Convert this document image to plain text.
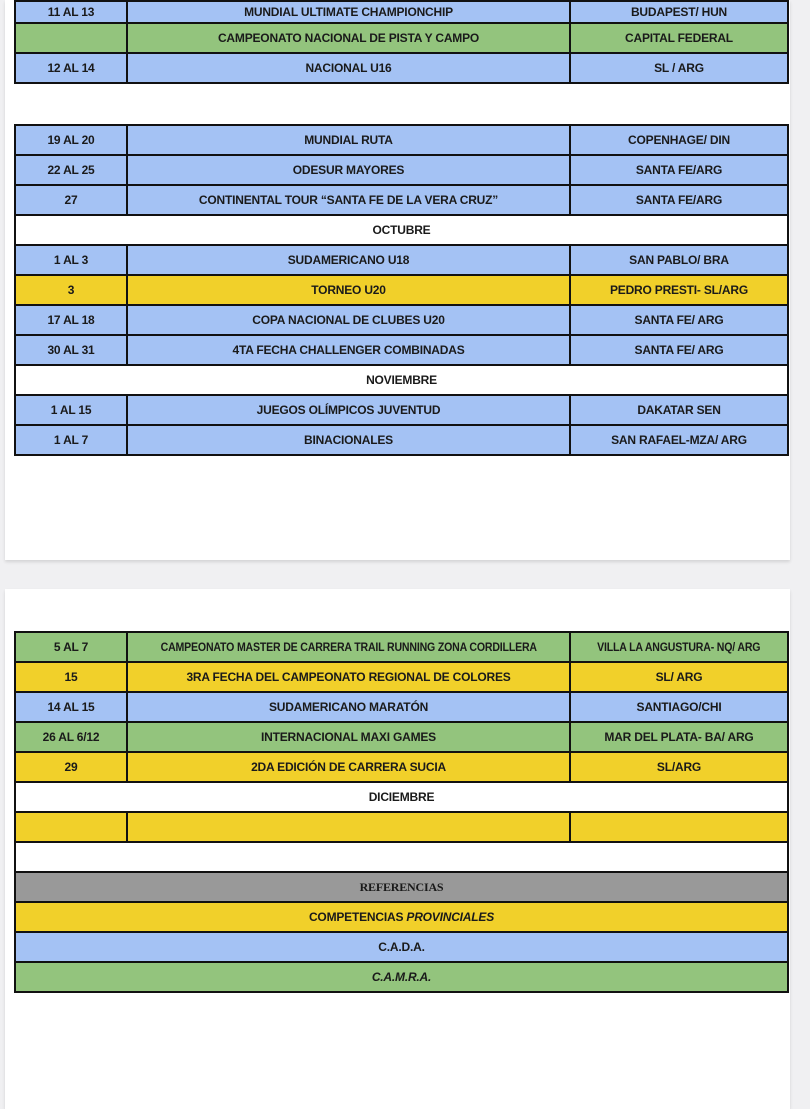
11 AL 13	MUNDIAL ULTIMATE CHAMPIONCHIP	BUDAPEST/ HUN
	CAMPEONATO NACIONAL DE PISTA Y CAMPO	CAPITAL FEDERAL
12 AL 14	NACIONAL U16	SL / ARG
19 AL 20	MUNDIAL RUTA	COPENHAGE/ DIN
22 AL 25	ODESUR MAYORES	SANTA FE/ARG
27	CONTINENTAL TOUR “SANTA FE DE LA VERA CRUZ”	SANTA FE/ARG
OCTUBRE		
1 AL 3	SUDAMERICANO U18	SAN PABLO/ BRA
3	TORNEO U20	PEDRO PRESTI- SL/ARG
17 AL 18	COPA NACIONAL DE CLUBES U20	SANTA FE/ ARG
30 AL 31	4TA FECHA CHALLENGER COMBINADAS	SANTA FE/ ARG
NOVIEMBRE		
1 AL 15	JUEGOS OLÍMPICOS JUVENTUD	DAKATAR SEN
1 AL 7	BINACIONALES	SAN RAFAEL-MZA/ ARG
5 AL 7	CAMPEONATO MASTER DE CARRERA TRAIL RUNNING ZONA CORDILLERA	VILLA LA ANGUSTURA- NQ/ ARG
15	3RA FECHA DEL CAMPEONATO REGIONAL DE COLORES	SL/ ARG
14 AL 15	SUDAMERICANO MARATÓN	SANTIAGO/CHI
26 AL 6/12	INTERNACIONAL MAXI GAMES	MAR DEL PLATA- BA/ ARG
29	2DA EDICIÓN DE CARRERA SUCIA	SL/ARG
DICIEMBRE		

REFERENCIAS		
COMPETENCIAS PROVINCIALES		
C.A.D.A.		
C.A.M.R.A.		
